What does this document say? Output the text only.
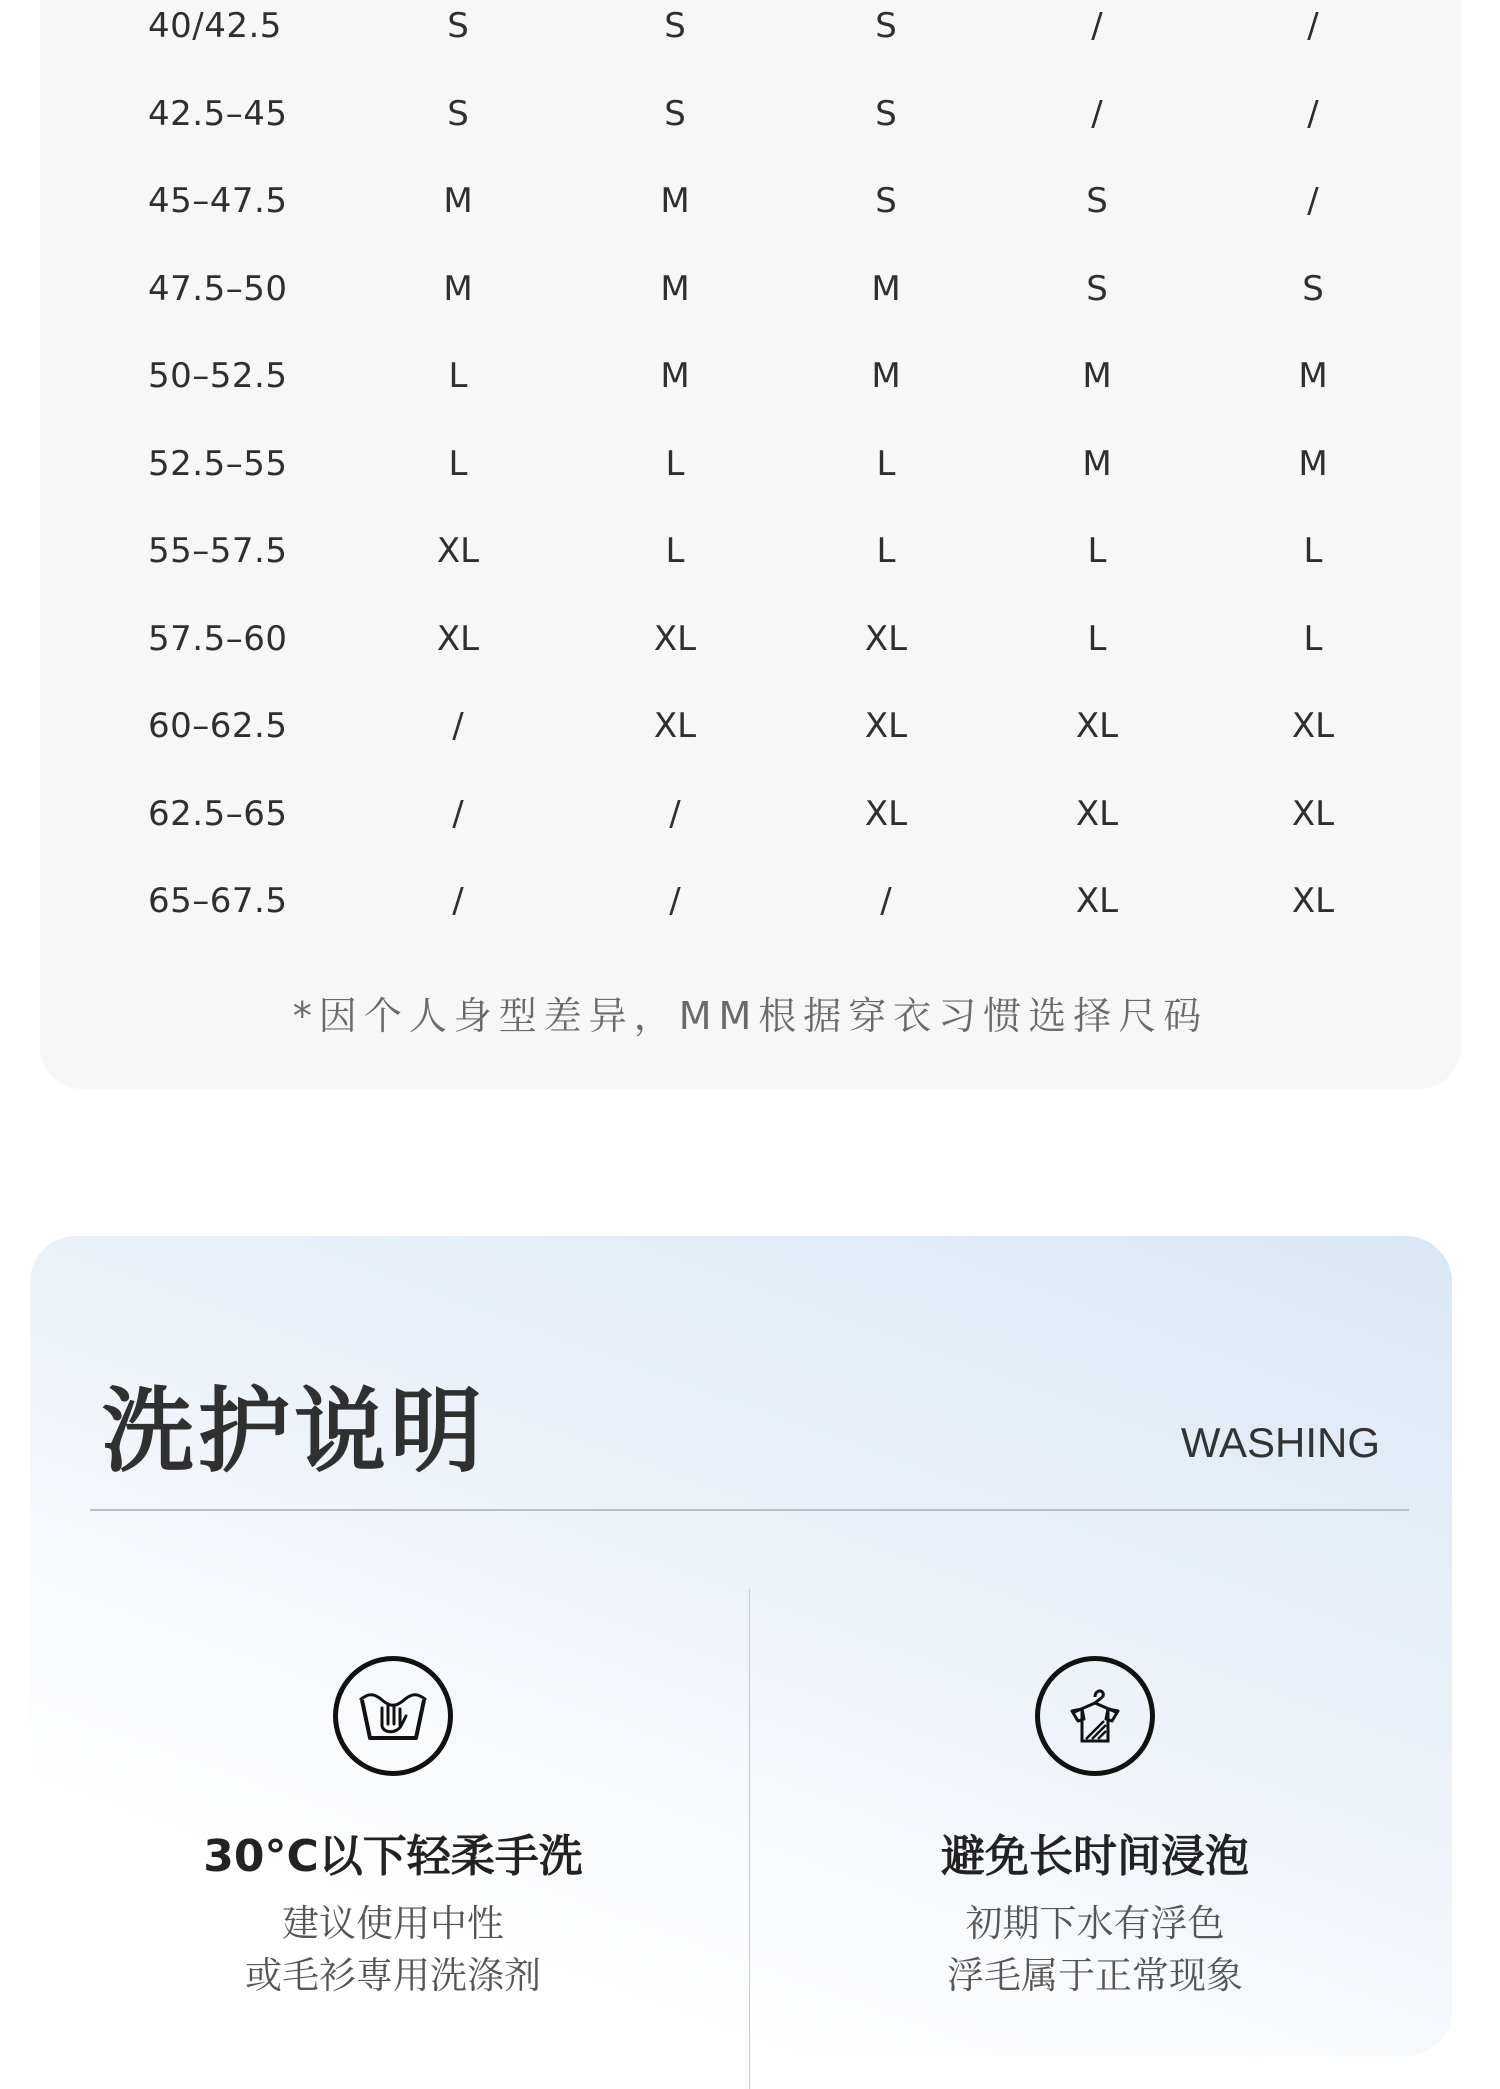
40/42.5	S	S	S	/	/
42.5–45	S	S	S	/	/
45–47.5	M	M	S	S	/
47.5–50	M	M	M	S	S
50–52.5	L	M	M	M	M
52.5–55	L	L	L	M	M
55–57.5	XL	L	L	L	L
57.5–60	XL	XL	XL	L	L
60–62.5	/	XL	XL	XL	XL
62.5–65	/	/	XL	XL	XL
65–67.5	/	/	/	XL	XL
*因个人身型差异，MM根据穿衣习惯选择尺码
洗护说明	WASHING
30°C以下轻柔手洗
建议使用中性
或毛衫専用洗涤剂
避免长时间浸泡
初期下水有浮色
浮毛属于正常现象
